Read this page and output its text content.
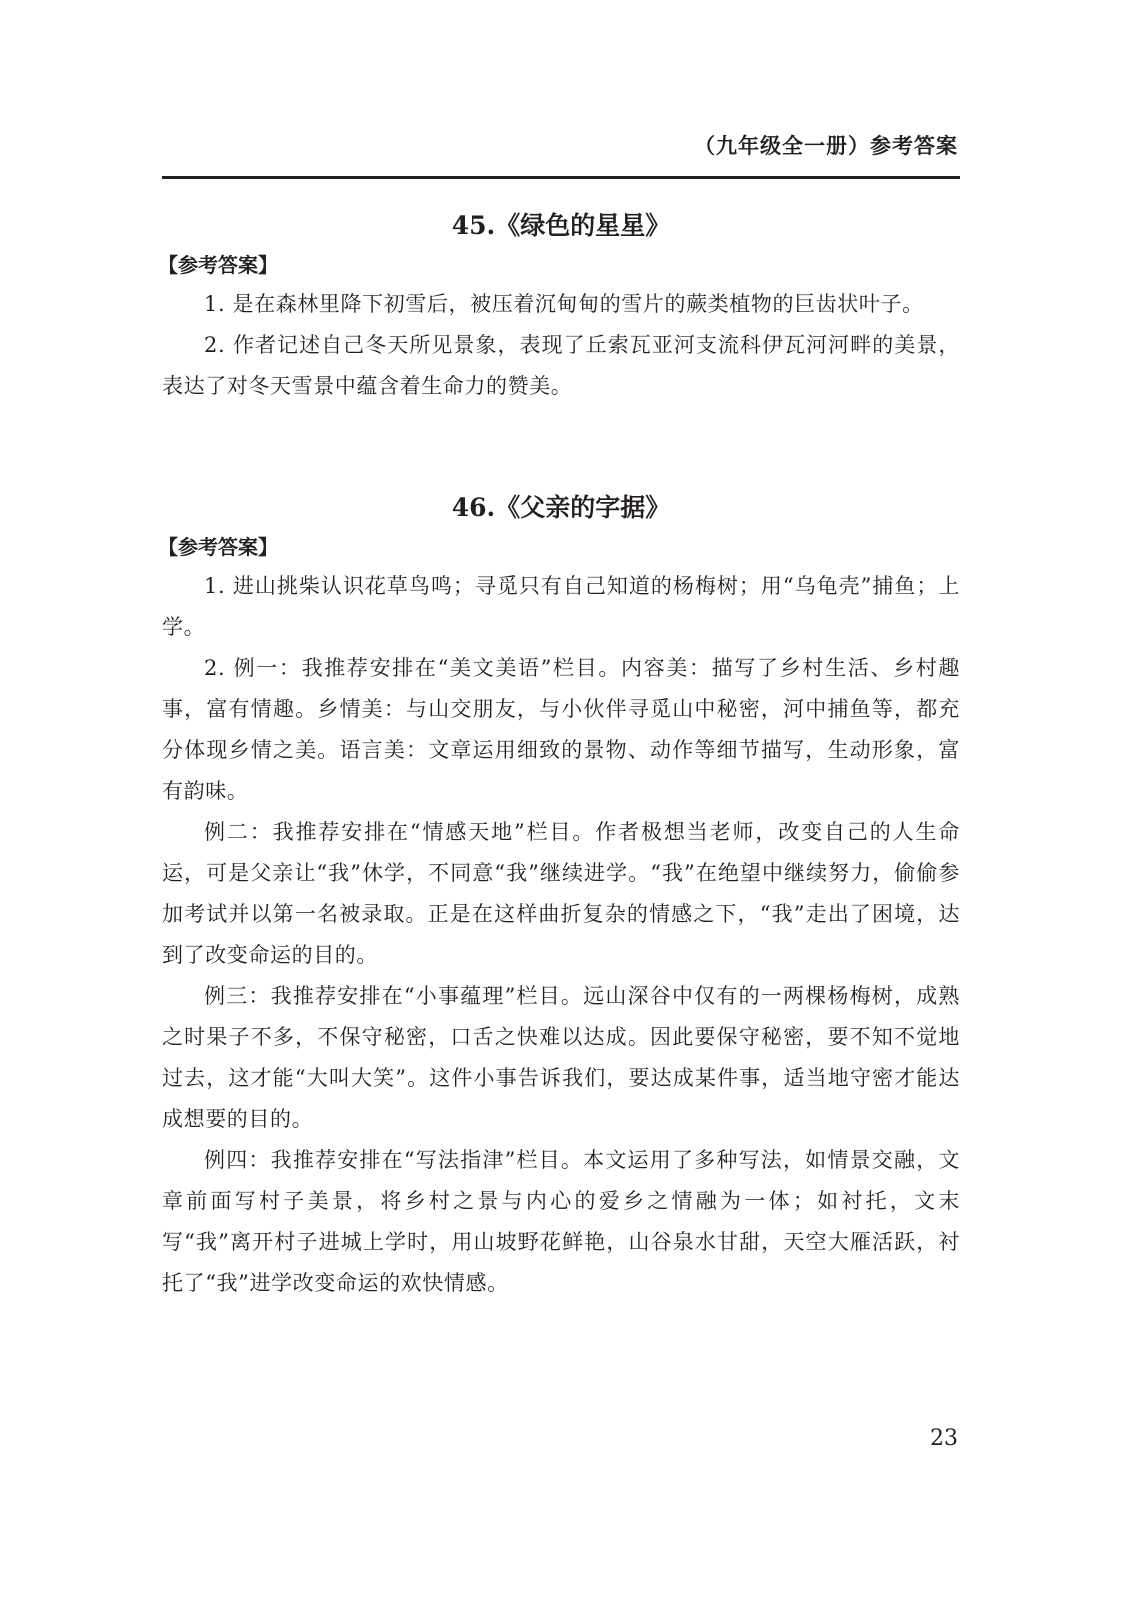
（九年级全一册）参考答案
45.《绿色的星星》
【参考答案】

1. 是在森林里降下初雪后，被压着沉甸甸的雪片的蕨类植物的巨齿状叶子。

2. 作者记述自己冬天所见景象，表现了丘索瓦亚河支流科伊瓦河河畔的美景，表达了对冬天雪景中蕴含着生命力的赞美。

46.《父亲的字据》
【参考答案】

1. 进山挑柴认识花草鸟鸣；寻觅只有自己知道的杨梅树；用“乌龟壳”捕鱼；上学。

2. 例一：我推荐安排在“美文美语”栏目。内容美：描写了乡村生活、乡村趣事，富有情趣。乡情美：与山交朋友，与小伙伴寻觅山中秘密，河中捕鱼等，都充分体现乡情之美。语言美：文章运用细致的景物、动作等细节描写，生动形象，富有韵味。

例二：我推荐安排在“情感天地”栏目。作者极想当老师，改变自己的人生命运，可是父亲让“我”休学，不同意“我”继续进学。“我”在绝望中继续努力，偷偷参加考试并以第一名被录取。正是在这样曲折复杂的情感之下，“我”走出了困境，达到了改变命运的目的。

例三：我推荐安排在“小事蕴理”栏目。远山深谷中仅有的一两棵杨梅树，成熟之时果子不多，不保守秘密，口舌之快难以达成。因此要保守秘密，要不知不觉地过去，这才能“大叫大笑”。这件小事告诉我们，要达成某件事，适当地守密才能达成想要的目的。

例四：我推荐安排在“写法指津”栏目。本文运用了多种写法，如情景交融，文章前面写村子美景，将乡村之景与内心的爱乡之情融为一体；如衬托，文末写“我”离开村子进城上学时，用山坡野花鲜艳，山谷泉水甘甜，天空大雁活跃，衬托了“我”进学改变命运的欢快情感。

23
